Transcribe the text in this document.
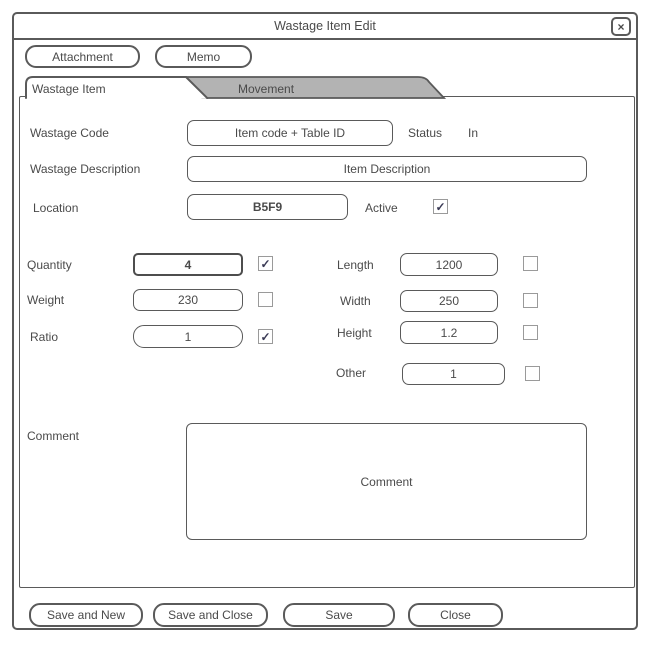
Wastage Item Edit	×
Attachment	Memo
Wastage Item	Movement
Wastage Code	Item code + Table ID	Status In
Wastage Description	Item Description
Location	B5F9	Active	✓
Quantity	4	✓
Weight	230
Ratio	1	✓
Length	1200
Width	250
Height	1.2
Other	1
Comment
Comment
Save and New	Save and Close	Save	Close
